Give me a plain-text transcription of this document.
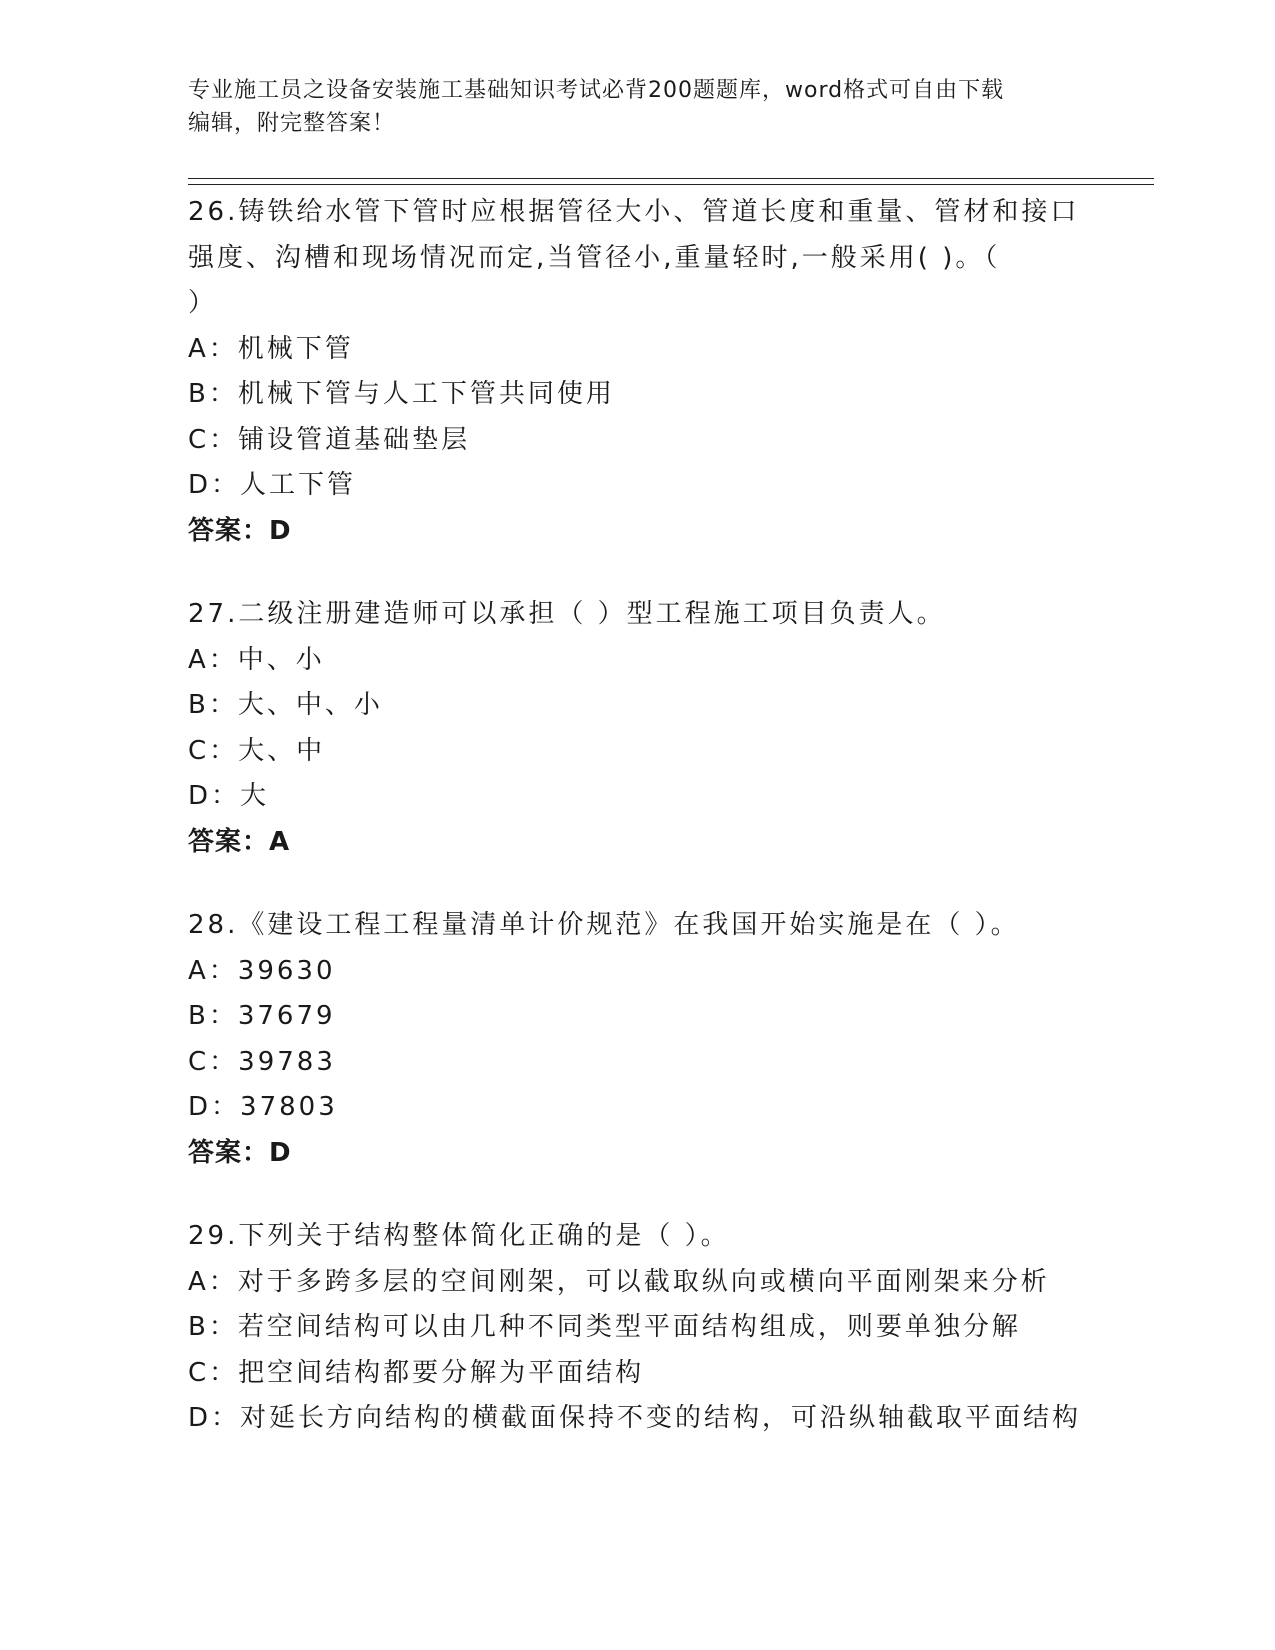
专业施工员之设备安装施工基础知识考试必背200题题库，word格式可自由下载
编辑，附完整答案！
26.铸铁给水管下管时应根据管径大小、管道长度和重量、管材和接口
强度、沟槽和现场情况而定,当管径小,重量轻时,一般采用( )。（
）
A：机械下管
B：机械下管与人工下管共同使用
C：铺设管道基础垫层
D：人工下管
答案：D
27.二级注册建造师可以承担（ ）型工程施工项目负责人。
A：中、小
B：大、中、小
C：大、中
D：大
答案：A
28.《建设工程工程量清单计价规范》在我国开始实施是在（ ）。
A：39630
B：37679
C：39783
D：37803
答案：D
29.下列关于结构整体简化正确的是（ ）。
A：对于多跨多层的空间刚架，可以截取纵向或横向平面刚架来分析
B：若空间结构可以由几种不同类型平面结构组成，则要单独分解
C：把空间结构都要分解为平面结构
D：对延长方向结构的横截面保持不变的结构，可沿纵轴截取平面结构
